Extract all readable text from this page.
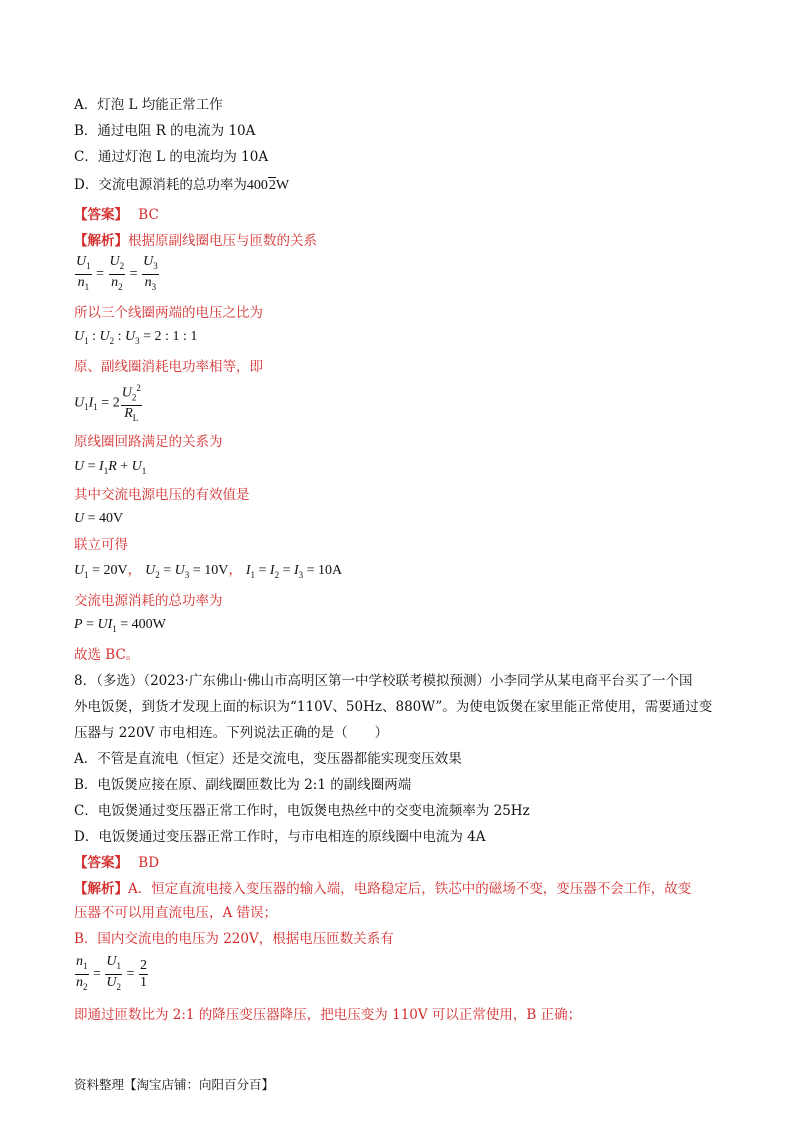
A．灯泡 L 均能正常工作
B．通过电阻 R 的电流为 10A
C．通过灯泡 L 的电流均为 10A
D．交流电源消耗的总功率为4002W
【答案】 BC
【解析】根据原副线圈电压与匝数的关系
$\frac{U_1}{n_1} = \frac{U_2}{n_2} = \frac{U_3}{n_3}$
所以三个线圈两端的电压之比为
$U_1$ : $U_2$ : $U_3 = 2$ : 1 : 1
原、副线圈消耗电功率相等，即
$U_1I_1 = 2 \frac{U_2^2}{R_L}$
原线圈回路满足的关系为
$U = I_1R + U_1$
其中交流电源电压的有效值是
U = 40V
联立可得
$U_1 = 20V$， $U_2 = U_3 = 10V$， $I_1 = I_2 = I_3 = 10A$
交流电源消耗的总功率为
$P = UI_1 = 400W$
故选 BC。
8．（多选）（2023·广东佛山·佛山市高明区第一中学校联考模拟预测）小李同学从某电商平台买了一个国
外电饭煲，到货才发现上面的标识为“110V、50Hz、880W”。为使电饭煲在家里能正常使用，需要通过变
压器与 220V 市电相连。下列说法正确的是（　　）
A．不管是直流电（恒定）还是交流电，变压器都能实现变压效果
B．电饭煲应接在原、副线圈匝数比为 2:1 的副线圈两端
C．电饭煲通过变压器正常工作时，电饭煲电热丝中的交变电流频率为 25Hz
D．电饭煲通过变压器正常工作时，与市电相连的原线圈中电流为 4A
【答案】 BD
【解析】A．恒定直流电接入变压器的输入端，电路稳定后，铁芯中的磁场不变，变压器不会工作，故变
压器不可以用直流电压，A 错误；
B．国内交流电的电压为 220V，根据电压匝数关系有
$\frac{n_1}{n_2} = \frac{U_1}{U_2} = \frac{2}{1}$
即通过匝数比为 2:1 的降压变压器降压，把电压变为 110V 可以正常使用，B 正确；
资料整理【淘宝店铺：向阳百分百】
